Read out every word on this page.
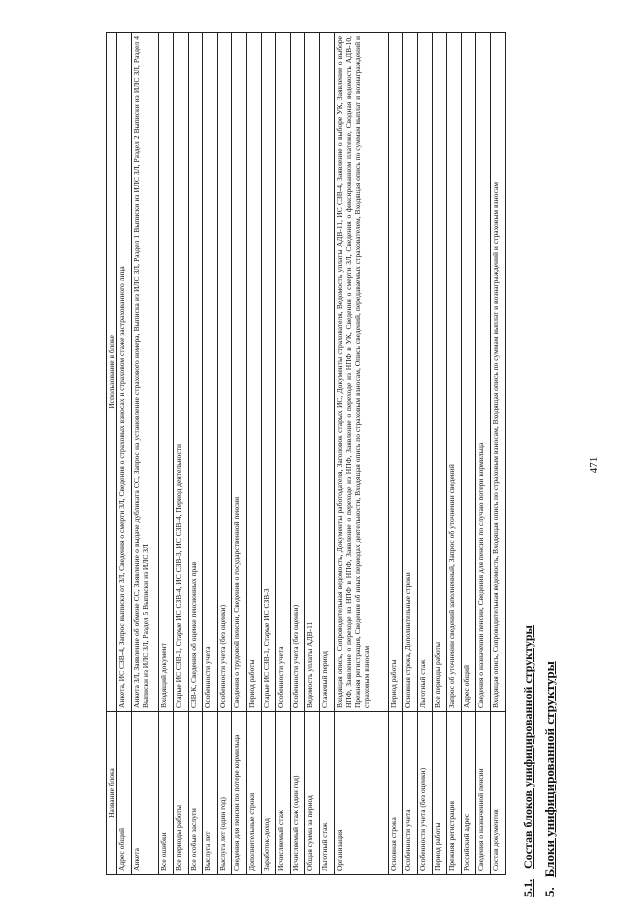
471
5.Блоки унифицированной структуры
5.1.Состав блоков унифицированной структуры
Название блока	Использование в блоке
Адрес общий	Анкета, ИС СЗВ-4, Запрос выписки от ЗЛ, Сведения о смерти ЗЛ, Сведения о страховых взносах и страховом стаже застрахованного лица
Анкета	Анкета ЗЛ, Заявление об обмене СС, Заявление о выдаче дубликата СС, Запрос на установление страхового номера, Выписка из ИЛС ЗЛ, Раздел 1 Выписки из ИЛС ЗЛ, Раздел 2 Выписки из ИЛС ЗЛ, Раздел 4 Выписки из ИЛС ЗЛ, Раздел 5 Выписки из ИЛС ЗЛ
Все ошибки	Входящий документ
Все периоды работы	Старые ИС СЗВ-1, Старые ИС СЗВ-4, ИС СЗВ-3, ИС СЗВ-4, Период деятельности
Все особые заслуги	СЗВ-К, Сведения об оценке пенсионных прав
Выслуга лет	Особенности учета
Выслуга лет (один год)	Особенности учета (без оценки)
Сведения для пенсии по потере кормильца	Сведения о трудовой пенсии, Сведения о государственной пенсии
Дополнительные строки	Период работы
Заработок-доход	Старые ИС СЗВ-1, Старые ИС СЗВ-3
Исчисляемый стаж	Особенности учета
Исчисляемый стаж (один год)	Особенности учета (без оценки)
Общая сумма за период	Ведомость уплаты АДВ-11
Льготный стаж	Стажевый период
Организация	Входящая опись, Сопроводительная ведомость, Документы работодателя, Заголовок старых ИС, Документы страхователя, Ведомость уплаты АДВ-11, ИС СЗВ-4, Заявление о выборе УК, Заявление о выборе НПФ, Заявление о переходе из НПФ в НПФ, Заявление о переходе из НПФ, Заявление о переходе из НПФ в УК, Сведения о смерти ЗЛ, Сведения о фиксированном платеже, Сводная ведомость АДВ-10, Прежняя регистрация, Сведения об иных периодах деятельности, Входящая опись по страховым взносам, Опись сведений, передаваемых страхователем, Входящая опись по суммам выплат и вознаграждений и страховым взносам
Основная строка	Период работы
Особенности учета	Основная строка, Дополнительные строки
Особенности учета (без оценки)	Льготный стаж
Период работы	Все периоды работы
Прежняя регистрация	Запрос об уточнении сведений заполненный, Запрос об уточнении сведений
Российский адрес	Адрес общий
Сведения о назначенной пенсии	Сведения о назначении пенсии, Сведения для пенсии по случаю потери кормильца
Состав документов	Входящая опись, Сопроводительная ведомость, Входящая опись по страховым взносам, Входящая опись по суммам выплат и вознаграждений и страховым взносам
